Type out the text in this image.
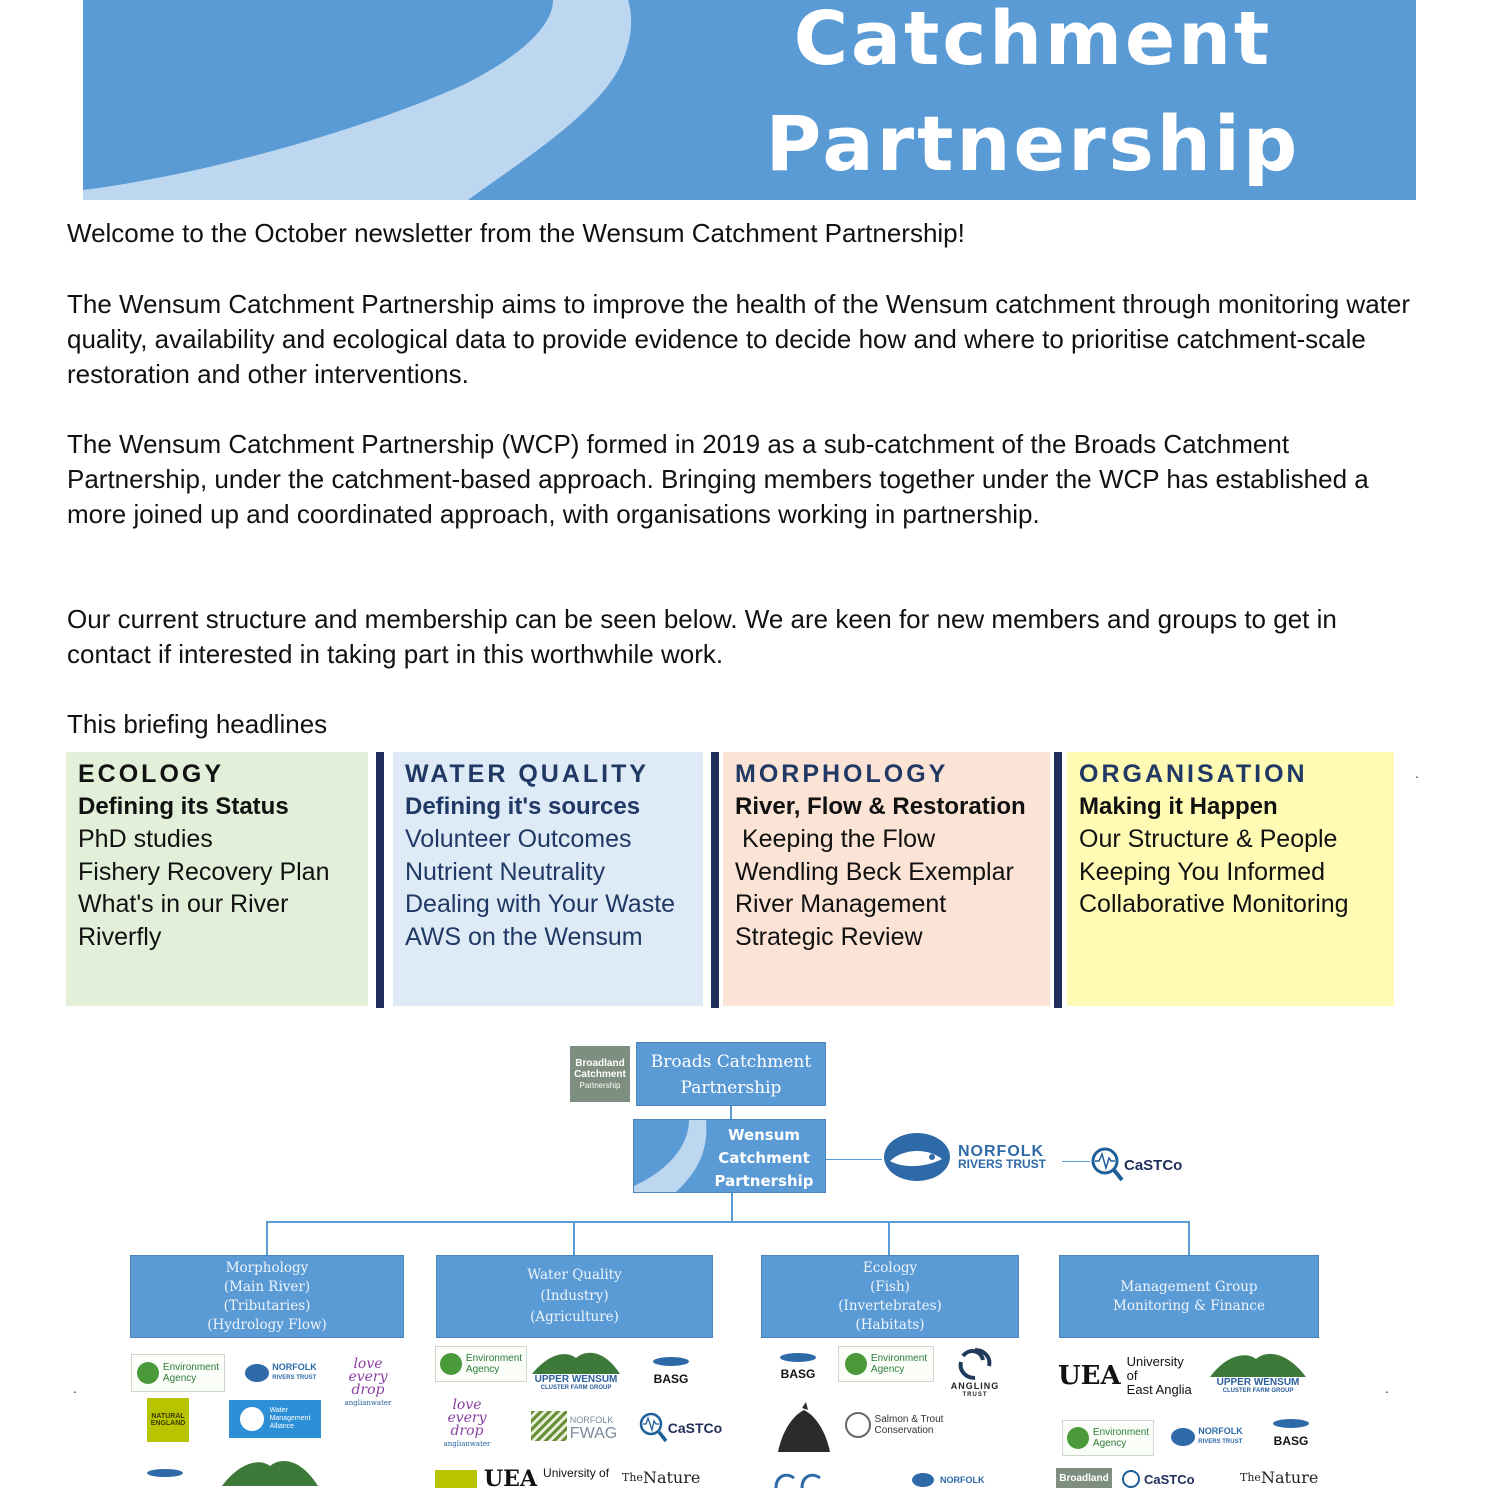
Catchment
Partnership

Welcome to the October newsletter from the Wensum Catchment Partnership!

The Wensum Catchment Partnership aims to improve the health of the Wensum catchment through monitoring water quality, availability and ecological data to provide evidence to decide how and where to prioritise catchment-scale restoration and other interventions.

The Wensum Catchment Partnership (WCP) formed in 2019 as a sub-catchment of the Broads Catchment Partnership, under the catchment-based approach. Bringing members together under the WCP has established a more joined up and coordinated approach, with organisations working in partnership.

Our current structure and membership can be seen below. We are keen for new members and groups to get in contact if interested in taking part in this worthwhile work.

This briefing headlines

ECOLOGY
Defining its Status
PhD studies
Fishery Recovery Plan
What's in our River
Riverfly
WATER QUALITY
Defining it's sources
Volunteer Outcomes
Nutrient Neutrality
Dealing with Your Waste
AWS on the Wensum
MORPHOLOGY
River, Flow & Restoration
Keeping the Flow
Wendling Beck Exemplar
River Management
Strategic Review
ORGANISATION
Making it Happen
Our Structure & People
Keeping You Informed
Collaborative Monitoring
.
Broadland
Catchment
Partnership
Broads Catchment
Partnership
Wensum
Catchment
Partnership
NORFOLK
RIVERS TRUST	CaSTCo
Morphology
(Main River)
(Tributaries)
(Hydrology Flow)
Water Quality
(Industry)
(Agriculture)
Ecology
(Fish)
(Invertebrates)
(Habitats)
Management Group
Monitoring & Finance
Environment
Agency
NORFOLK
RIVERS TRUST
love
every
drop
anglianwater
NATURAL
ENGLAND
Water
Management
Alliance
.
Environment
Agency
UPPER WENSUM
CLUSTER FARM GROUP
BASG
love
every
drop
anglianwater
NORFOLK
FWAG	CaSTCo
UEA University of The Nature
BASG
Environment
Agency
ANGLING
TRUST
Salmon & Trout
Conservation
NORFOLK
UEA University of
East Anglia UPPER WENSUM
CLUSTER FARM GROUP
Environment
Agency
NORFOLK
RIVERS TRUST	BASG
Broadland	CaSTCo	The Nature
.
